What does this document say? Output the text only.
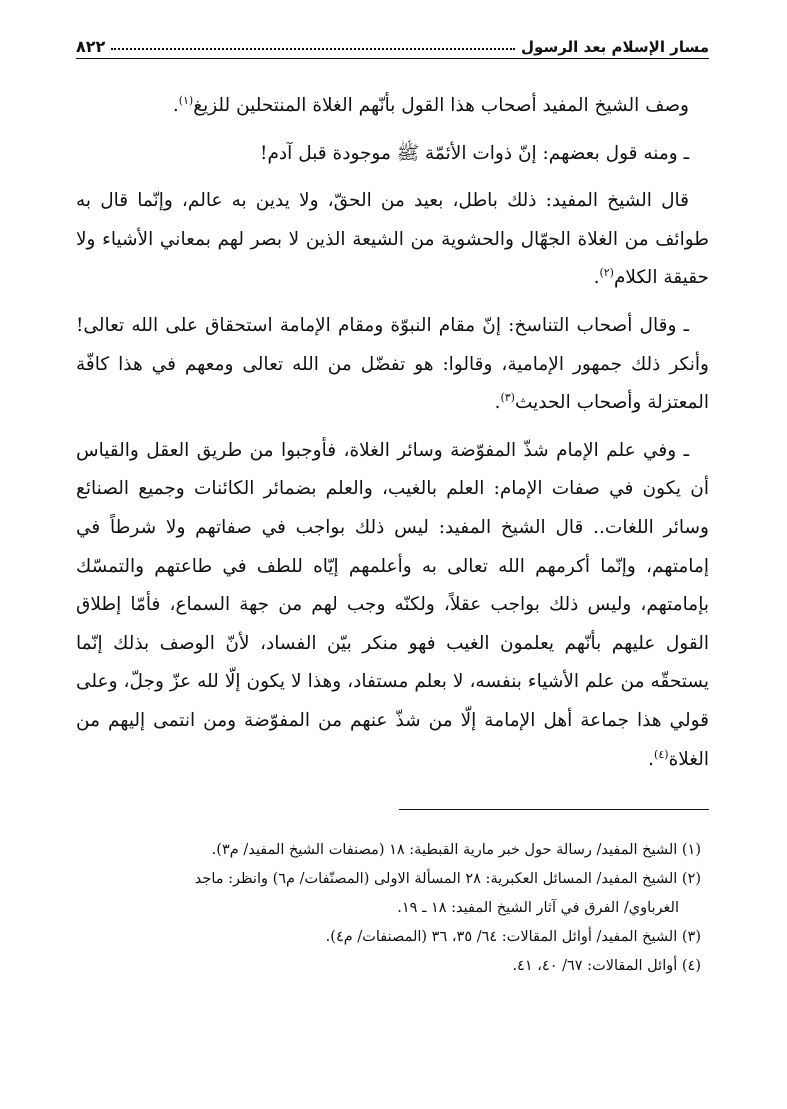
مسار الإسلام بعد الرسول
٨٢٢

وصف الشيخ المفيد أصحاب هذا القول بأنّهم الغلاة المنتحلين للزيغ$^{(١)}$.

ـ ومنه قول بعضهم: إنّ ذوات الأئمّة ﷺ موجودة قبل آدم!

قال الشيخ المفيد: ذلك باطل، بعيد من الحقّ، ولا يدين به عالم، وإنّما قال به طوائف من الغلاة الجهّال والحشوية من الشيعة الذين لا بصر لهم بمعاني الأشياء ولا حقيقة الكلام$^{(٢)}$.

ـ وقال أصحاب التناسخ: إنّ مقام النبوّة ومقام الإمامة استحقاق على الله تعالى! وأنكر ذلك جمهور الإمامية، وقالوا: هو تفضّل من الله تعالى ومعهم في هذا كافّة المعتزلة وأصحاب الحديث$^{(٣)}$.

ـ وفي علم الإمام شذّ المفوّضة وسائر الغلاة، فأوجبوا من طريق العقل والقياس أن يكون في صفات الإمام: العلم بالغيب، والعلم بضمائر الكائنات وجميع الصنائع وسائر اللغات.. قال الشيخ المفيد: ليس ذلك بواجب في صفاتهم ولا شرطاً في إمامتهم، وإنّما أكرمهم الله تعالى به وأعلمهم إيّاه للطف في طاعتهم والتمسّك بإمامتهم، وليس ذلك بواجب عقلاً، ولكنّه وجب لهم من جهة السماع، فأمّا إطلاق القول عليهم بأنّهم يعلمون الغيب فهو منكر بيّن الفساد، لأنّ الوصف بذلك إنّما يستحقّه من علم الأشياء بنفسه، لا بعلم مستفاد، وهذا لا يكون إلّا لله عزّ وجلّ، وعلى قولي هذا جماعة أهل الإمامة إلّا من شذّ عنهم من المفوّضة ومن انتمى إليهم من الغلاة$^{(٤)}$.

(١) الشيخ المفيد/ رسالة حول خبر مارية القبطية: ١٨ (مصنفات الشيخ المفيد/ م٣).

(٢) الشيخ المفيد/ المسائل العكبرية: ٢٨ المسألة الاولى (المصنّفات/ م٦) وانظر: ماجد
الغرباوي/ الفرق في آثار الشيخ المفيد: ١٨ ـ ١٩.

(٣) الشيخ المفيد/ أوائل المقالات: ٦٤/ ٣٥، ٣٦ (المصنفات/ م٤).

(٤) أوائل المقالات: ٦٧/ ٤٠، ٤١.
